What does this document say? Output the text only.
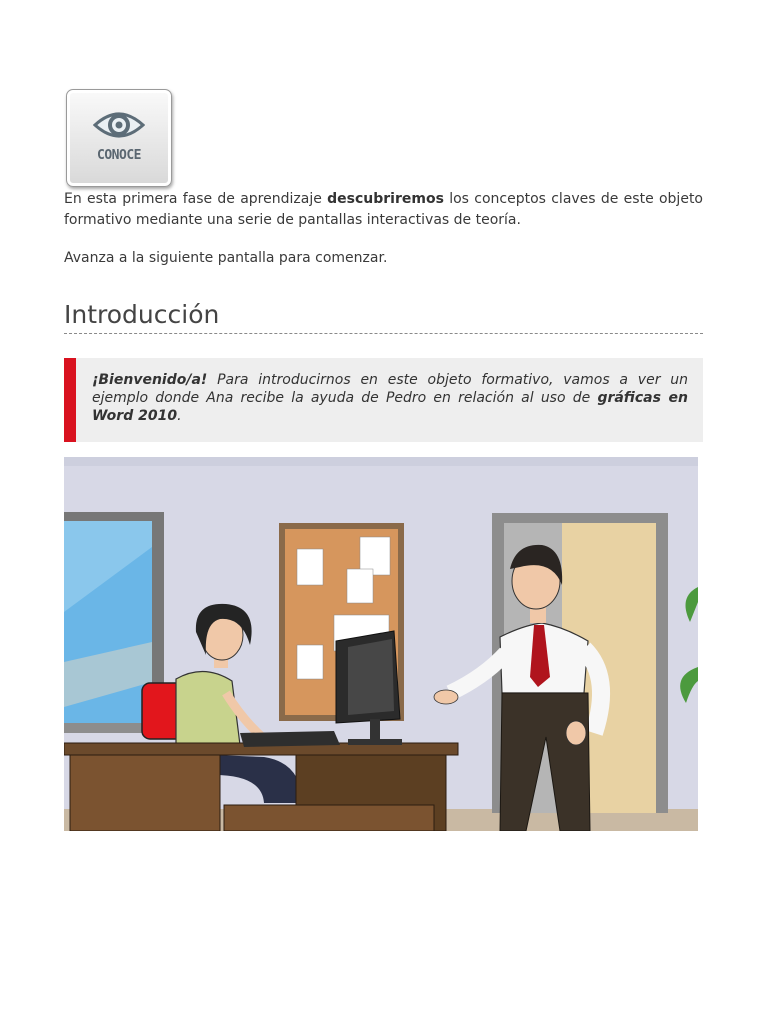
CONOCE

En esta primera fase de aprendizaje descubriremos los conceptos claves de este objeto formativo mediante una serie de pantallas interactivas de teoría.

Avanza a la siguiente pantalla para comenzar.

Introducción

¡Bienvenido/a! Para introducirnos en este objeto formativo, vamos a ver un ejemplo donde Ana recibe la ayuda de Pedro en relación al uso de gráficas en Word 2010.
